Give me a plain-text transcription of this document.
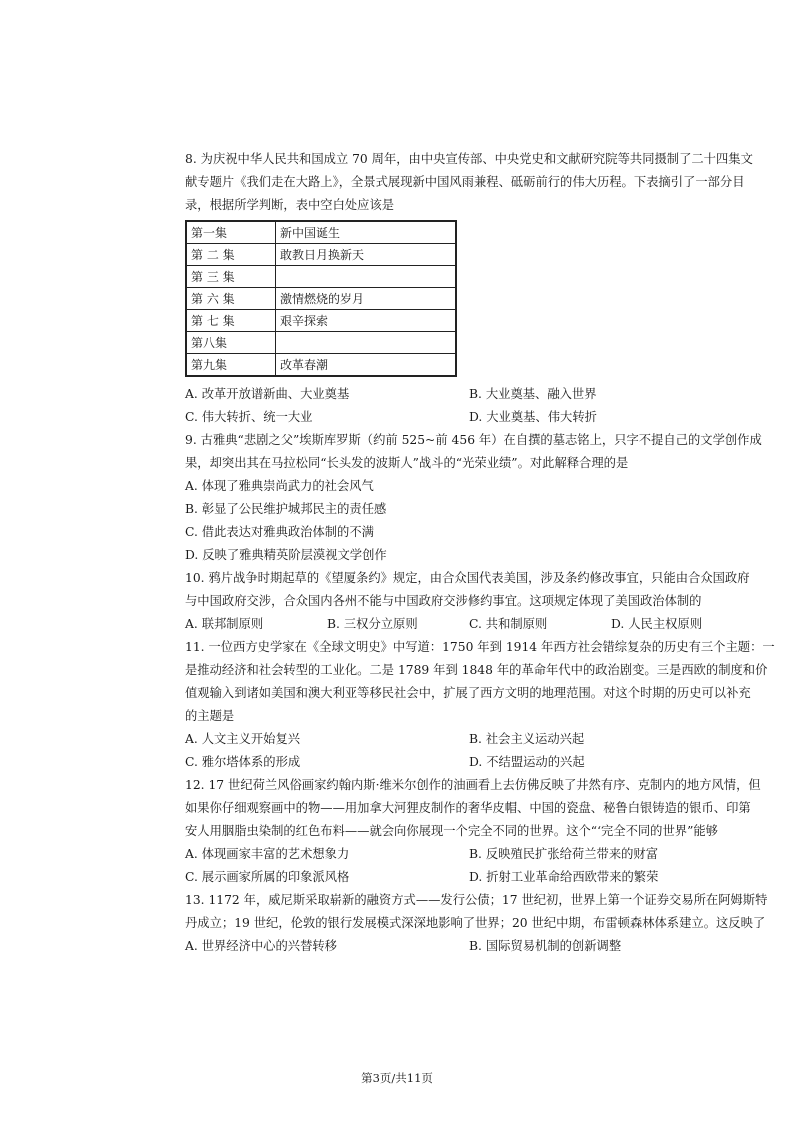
8. 为庆祝中华人民共和国成立 70 周年，由中央宣传部、中央党史和文献研究院等共同摄制了二十四集文

献专题片《我们走在大路上》，全景式展现新中国风雨兼程、砥砺前行的伟大历程。下表摘引了一部分目

录，根据所学判断，表中空白处应该是

第一集	新中国诞生
第 二 集	敢教日月换新天
第 三 集	
第 六 集	激情燃烧的岁月
第 七 集	艰辛探索
第八集	
第九集	改革春潮
A. 改革开放谱新曲、大业奠基	B. 大业奠基、融入世界
C. 伟大转折、统一大业	D. 大业奠基、伟大转折

9. 古雅典“悲剧之父”埃斯库罗斯（约前 525~前 456 年）在自撰的墓志铭上，只字不提自己的文学创作成

果，却突出其在马拉松同“长头发的波斯人”战斗的“光荣业绩”。对此解释合理的是

A. 体现了雅典崇尚武力的社会风气

B. 彰显了公民维护城邦民主的责任感

C. 借此表达对雅典政治体制的不满

D. 反映了雅典精英阶层漠视文学创作

10. 鸦片战争时期起草的《望厦条约》规定，由合众国代表美国，涉及条约修改事宜，只能由合众国政府

与中国政府交涉，合众国内各州不能与中国政府交涉修约事宜。这项规定体现了美国政治体制的

A. 联邦制原则	B. 三权分立原则	C. 共和制原则	D. 人民主权原则

11. 一位西方史学家在《全球文明史》中写道：1750 年到 1914 年西方社会错综复杂的历史有三个主题：一

是推动经济和社会转型的工业化。二是 1789 年到 1848 年的革命年代中的政治剧变。三是西欧的制度和价

值观输入到诸如美国和澳大利亚等移民社会中，扩展了西方文明的地理范围。对这个时期的历史可以补充

的主题是

A. 人文主义开始复兴	B. 社会主义运动兴起
C. 雅尔塔体系的形成	D. 不结盟运动的兴起

12. 17 世纪荷兰风俗画家约翰内斯·维米尔创作的油画看上去仿佛反映了井然有序、克制内的地方风情，但

如果你仔细观察画中的物——用加拿大河狸皮制作的奢华皮帽、中国的瓷盘、秘鲁白银铸造的银币、印第

安人用胭脂虫染制的红色布料——就会向你展现一个完全不同的世界。这个“‘完全不同的世界”能够

A. 体现画家丰富的艺术想象力	B. 反映殖民扩张给荷兰带来的财富
C. 展示画家所属的印象派风格	D. 折射工业革命给西欧带来的繁荣

13. 1172 年，威尼斯采取崭新的融资方式——发行公债；17 世纪初，世界上第一个证券交易所在阿姆斯特

丹成立；19 世纪，伦敦的银行发展模式深深地影响了世界；20 世纪中期，布雷顿森林体系建立。这反映了

A. 世界经济中心的兴替转移	B. 国际贸易机制的创新调整
第3页/共11页
